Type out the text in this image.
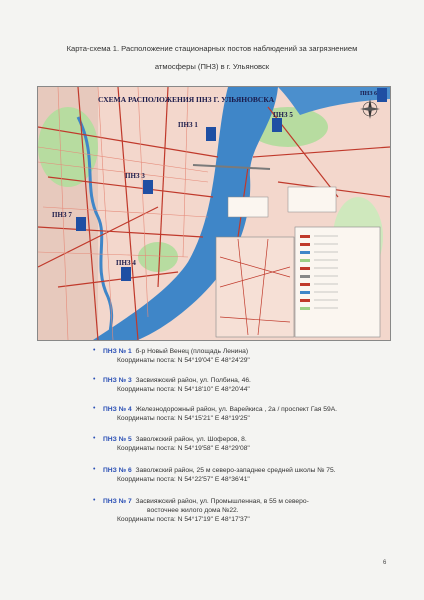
Карта-схема 1. Расположение стационарных постов наблюдений за загрязнением
атмосферы (ПНЗ) в г. Ульяновск
СХЕМА РАСПОЛОЖЕНИЯ ПНЗ Г. УЛЬЯНОВСКА
ПНЗ 1
ПНЗ 3
ПНЗ 4
ПНЗ 5
ПНЗ 6
ПНЗ 7
• ПНЗ № 1 б-р Новый Венец (площадь Ленина)
Координаты поста: N 54°19'04" E 48°24'29"
• ПНЗ № 3 Засвияжский район, ул. Полбина, 46.
Координаты поста: N 54°18'10" E 48°20'44"
• ПНЗ № 4 Железнодорожный район, ул. Варейкиса , 2а / проспект Гая 59А.
Координаты поста: N 54°15'21" E 48°19'25"
• ПНЗ № 5 Заволжский район, ул. Шоферов, 8.
Координаты поста: N 54°19'58" E 48°29'08"
• ПНЗ № 6 Заволжский район, 25 м северо-западнее средней школы № 75.
Координаты поста: N 54°22'57" E 48°36'41"
• ПНЗ № 7 Засвияжский район, ул. Промышленная, в 55 м северо-
восточнее жилого дома №22.
Координаты поста: N 54°17'19" E 48°17'37"
6
